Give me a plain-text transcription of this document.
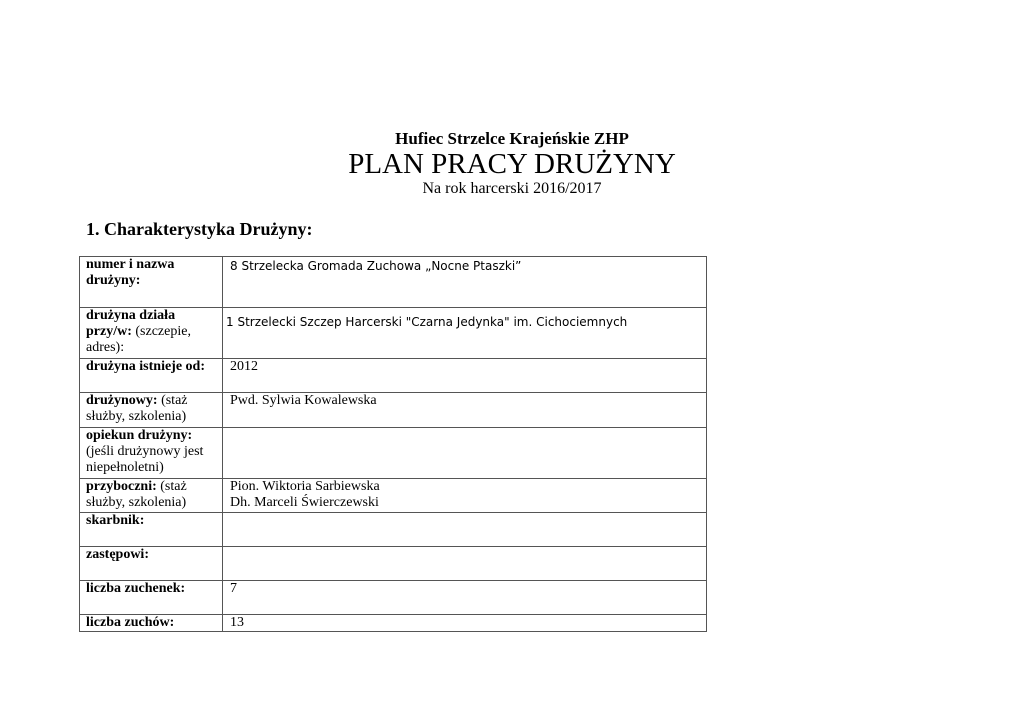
Hufiec Strzelce Krajeńskie ZHP
PLAN PRACY DRUŻYNY
Na rok harcerski 2016/2017
1. Charakterystyka Drużyny:
numer i nazwa drużyny:	8 Strzelecka Gromada Zuchowa „Nocne Ptaszki”

drużyna działa przy/w: (szczepie, adres):	1 Strzelecki Szczep Harcerski "Czarna Jedynka" im. Cichociemnych

drużyna istnieje od:	2012
drużynowy: (staż służby, szkolenia)	Pwd. Sylwia Kowalewska
opiekun drużyny: (jeśli drużynowy jest niepełnoletni)	
przyboczni: (staż służby, szkolenia)	Pion. Wiktoria Sarbiewska
Dh. Marceli Świerczewski

skarbnik:	
zastępowi:	
liczba zuchenek:	7
liczba zuchów:	13
